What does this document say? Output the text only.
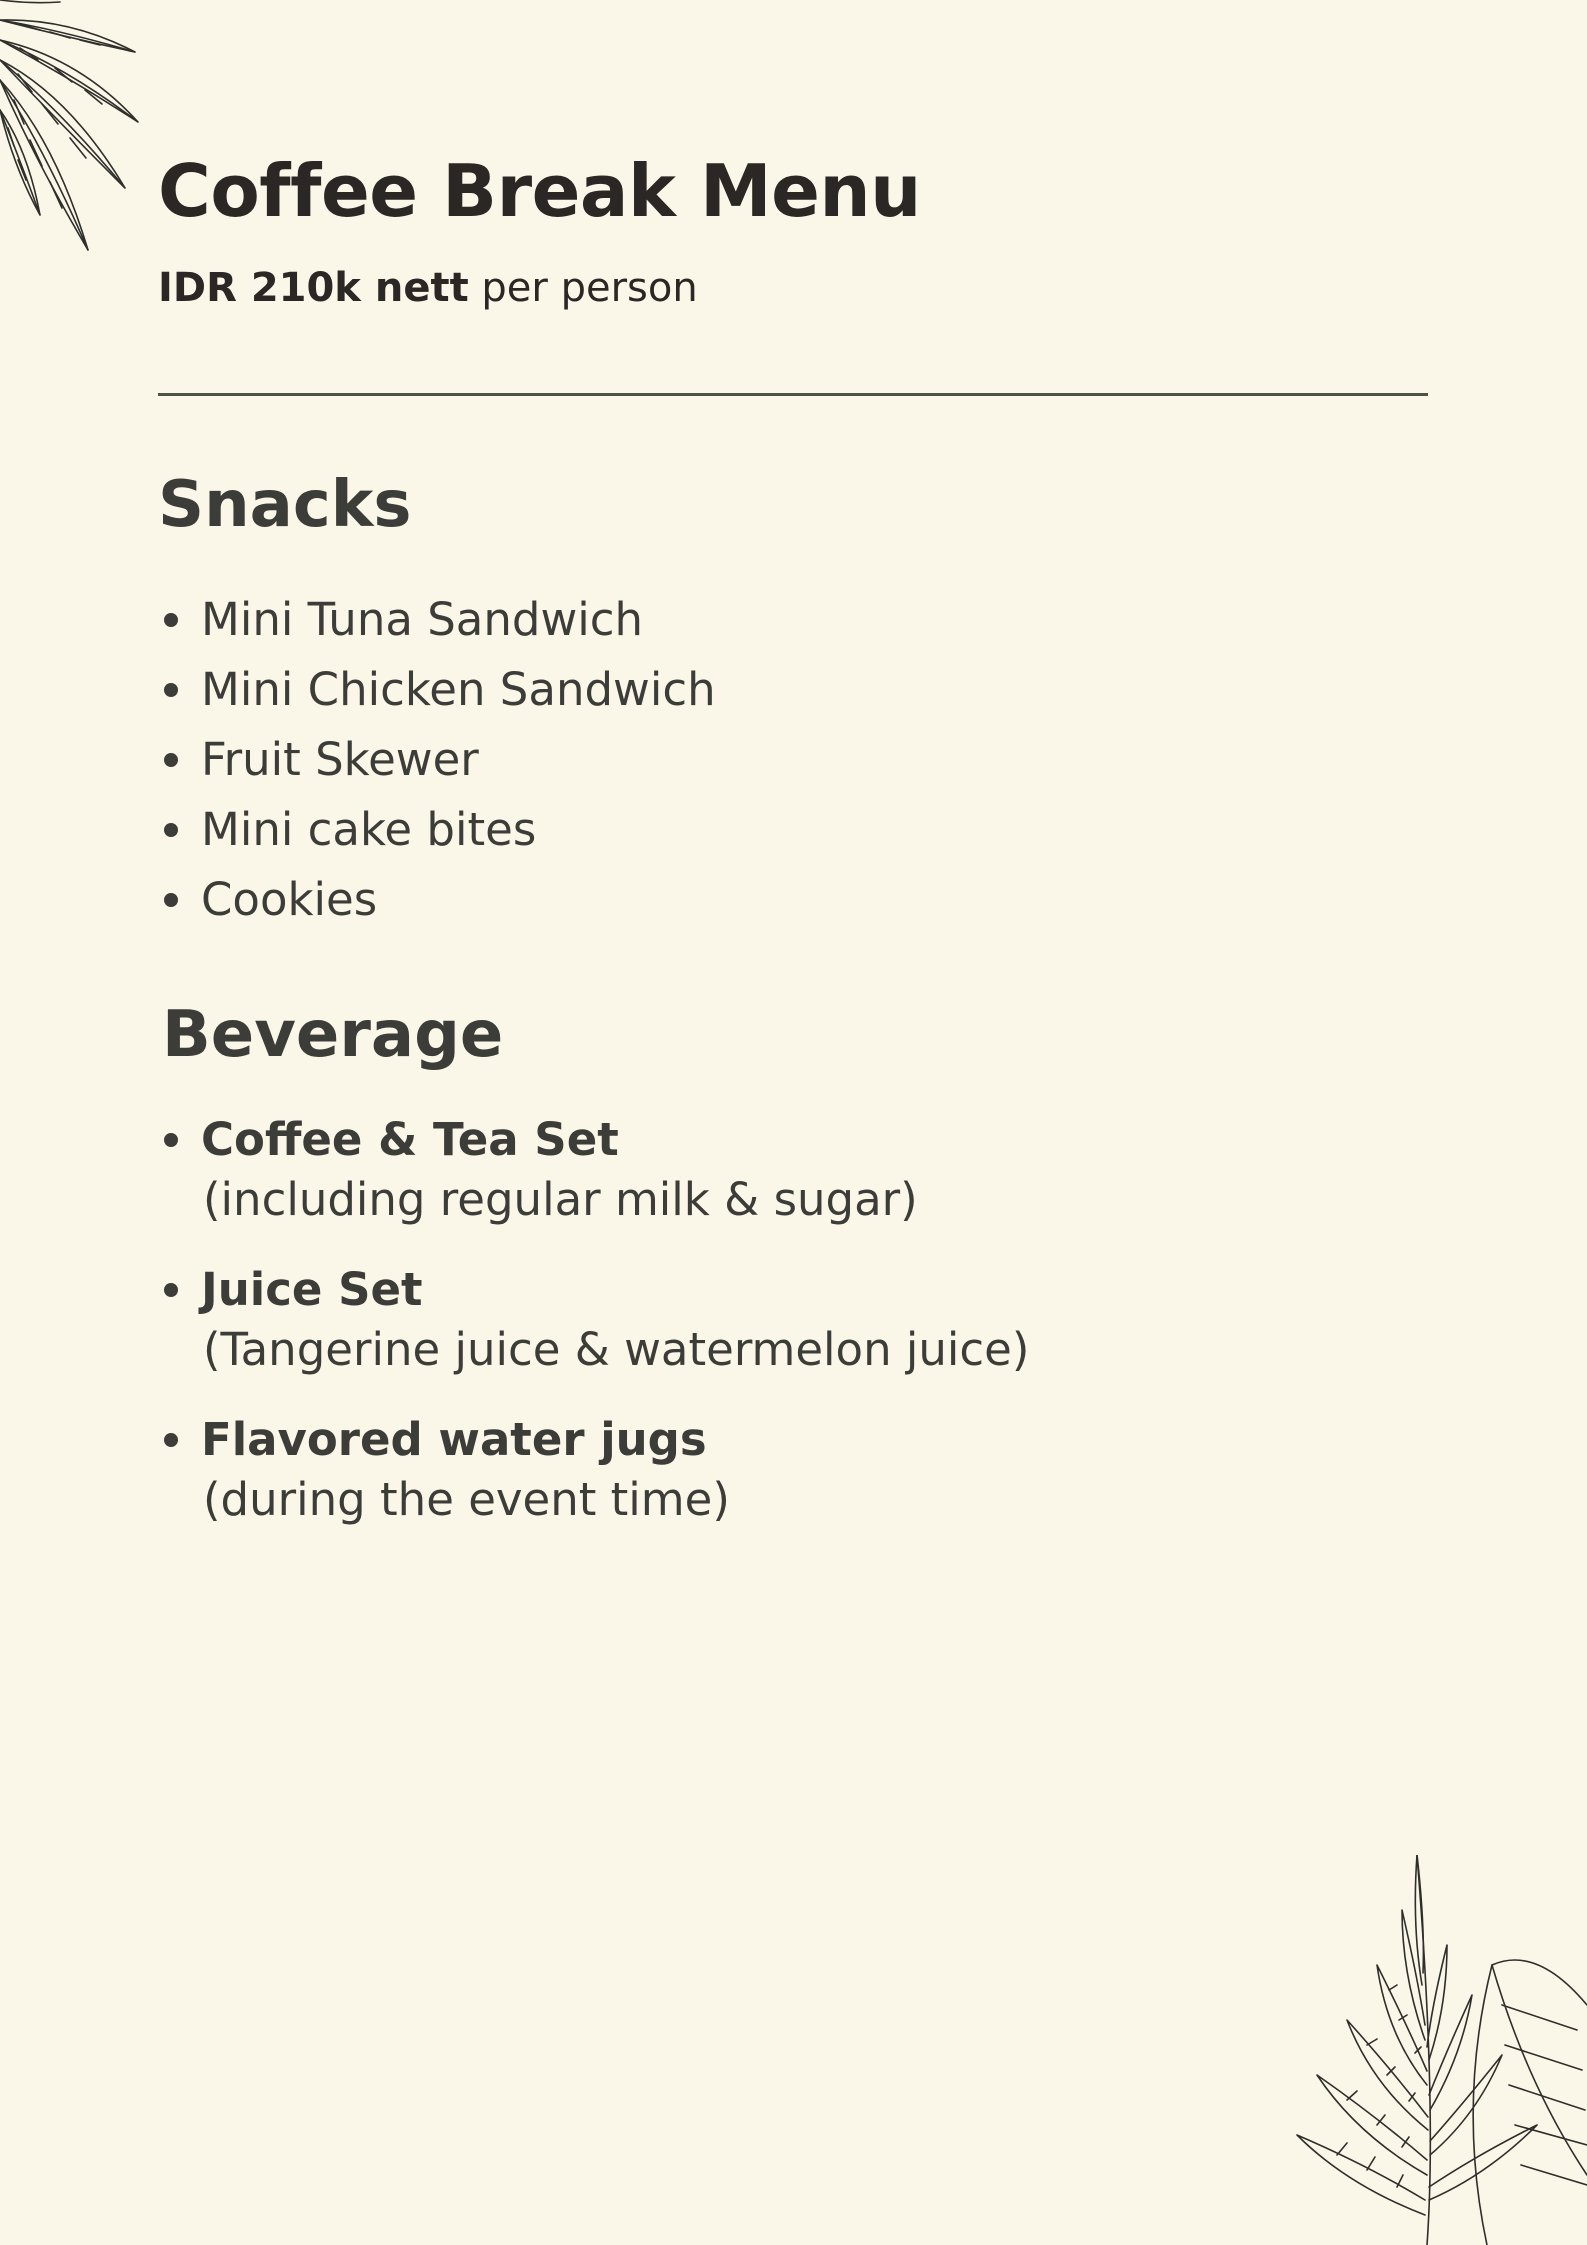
Coffee Break Menu
IDR 210k nett per person
Snacks
Mini Tuna Sandwich
Mini Chicken Sandwich
Fruit Skewer
Mini cake bites
Cookies
Beverage
Coffee & Tea Set
(including regular milk & sugar)
Juice Set
(Tangerine juice & watermelon juice)
Flavored water jugs
(during the event time)
